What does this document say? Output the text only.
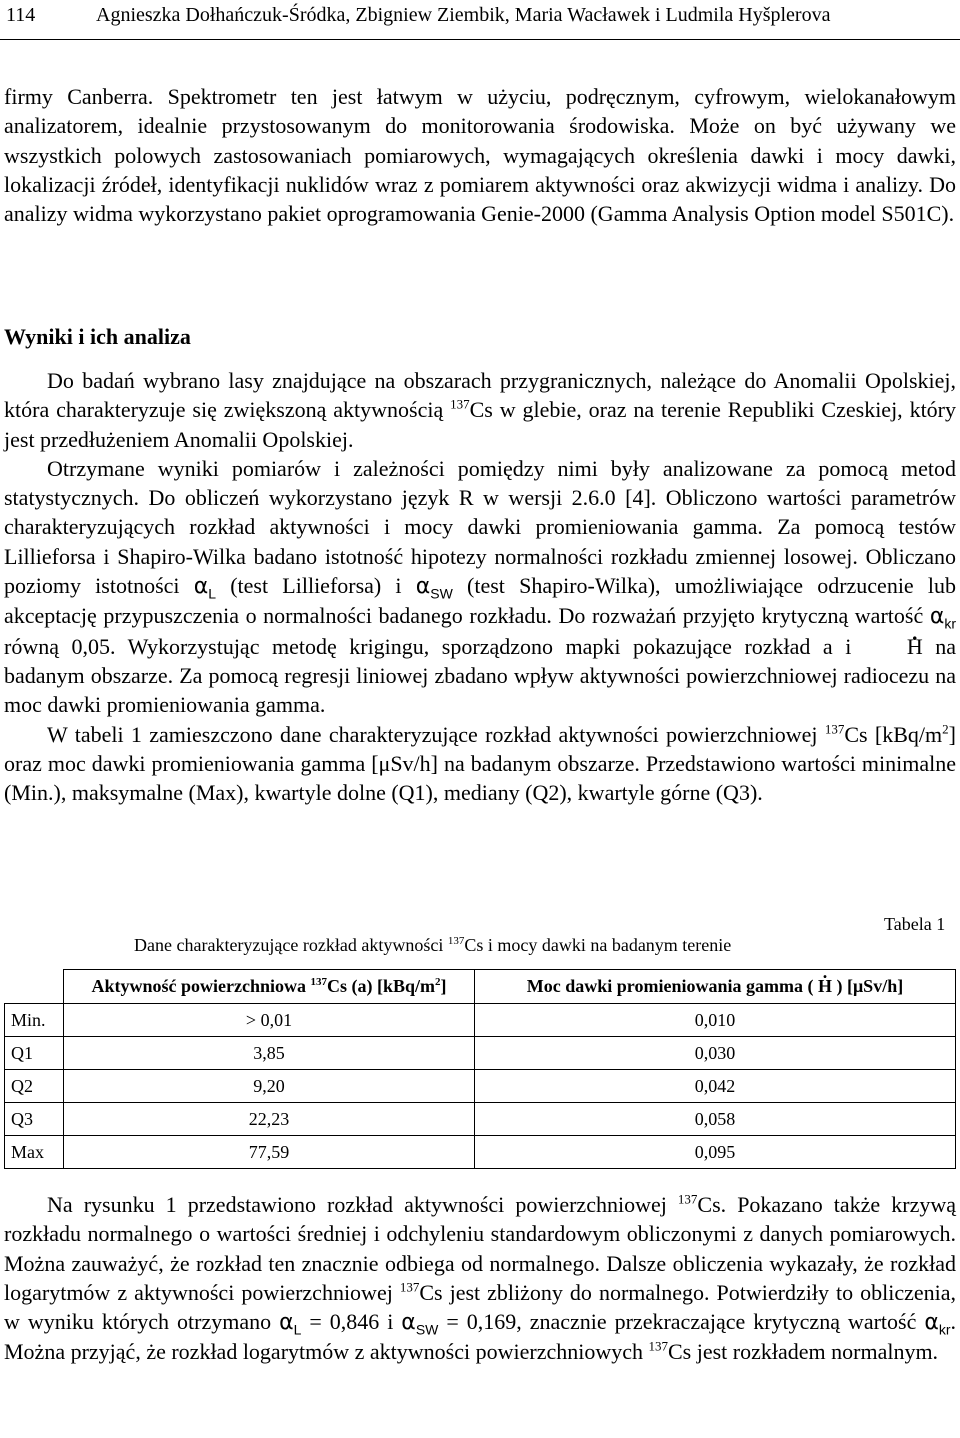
114	Agnieszka Dołhańczuk-Śródka, Zbigniew Ziembik, Maria Wacławek i Ludmila Hyšplerova

firmy Canberra. Spektrometr ten jest łatwym w użyciu, podręcznym, cyfrowym, wielokanałowym analizatorem, idealnie przystosowanym do monitorowania środowiska. Może on być używany we wszystkich polowych zastosowaniach pomiarowych, wymagających określenia dawki i mocy dawki, lokalizacji źródeł, identyfikacji nuklidów wraz z pomiarem aktywności oraz akwizycji widma i analizy. Do analizy widma wykorzystano pakiet oprogramowania Genie-2000 (Gamma Analysis Option model S501C).

Wyniki i ich analiza

Do badań wybrano lasy znajdujące na obszarach przygranicznych, należące do Anomalii Opolskiej, która charakteryzuje się zwiększoną aktywnością $^{137}$Cs w glebie, oraz na terenie Republiki Czeskiej, który jest przedłużeniem Anomalii Opolskiej.

Otrzymane wyniki pomiarów i zależności pomiędzy nimi były analizowane za pomocą metod statystycznych. Do obliczeń wykorzystano język R w wersji 2.6.0 [4]. Obliczono wartości parametrów charakteryzujących rozkład aktywności i mocy dawki promieniowania gamma. Za pomocą testów Lillieforsa i Shapiro-Wilka badano istotność hipotezy normalności rozkładu zmiennej losowej. Obliczano poziomy istotności $\alpha_L$ (test Lillieforsa) i $\alpha_{SW}$ (test Shapiro-Wilka), umożliwiające odrzucenie lub akceptację przypuszczenia o normalności badanego rozkładu. Do rozważań przyjęto krytyczną wartość $\alpha_{kr}$ równą 0,05. Wykorzystując metodę krigingu, sporządzono mapki pokazujące rozkład a i . H na badanym obszarze. Za pomocą regresji liniowej zbadano wpływ aktywności powierzchniowej radiocezu na moc dawki promieniowania gamma.

W tabeli 1 zamieszczono dane charakteryzujące rozkład aktywności powierzchniowej $^{137}$Cs $[kBq/m^2]$ oraz moc dawki promieniowania gamma [μSv/h] na badanym obszarze. Przedstawiono wartości minimalne (Min.), maksymalne (Max), kwartyle dolne (Q1), mediany (Q2), kwartyle górne (Q3).

Tabela 1
Dane charakteryzujące rozkład aktywności $^{137}$Cs i mocy dawki na badanym terenie
	Aktywność powierzchniowa $^{137}$Cs (a) $[kBq/m^2]$	Moc dawki promieniowania gamma ( . H ) [μSv/h]
Min.	> 0,01	0,010
Q1	3,85	0,030
Q2	9,20	0,042
Q3	22,23	0,058
Max	77,59	0,095

Na rysunku 1 przedstawiono rozkład aktywności powierzchniowej $^{137}$Cs. Pokazano także krzywą rozkładu normalnego o wartości średniej i odchyleniu standardowym obliczonymi z danych pomiarowych. Można zauważyć, że rozkład ten znacznie odbiega od normalnego. Dalsze obliczenia wykazały, że rozkład logarytmów z aktywności powierzchniowej $^{137}$Cs jest zbliżony do normalnego. Potwierdziły to obliczenia, w wyniku których otrzymano $\alpha_L = 0,846$ i $\alpha_{SW} = 0,169$, znacznie przekraczające krytyczną wartość $\alpha_{kr}$. Można przyjąć, że rozkład logarytmów z aktywności powierzchniowych $^{137}$Cs jest rozkładem normalnym.
